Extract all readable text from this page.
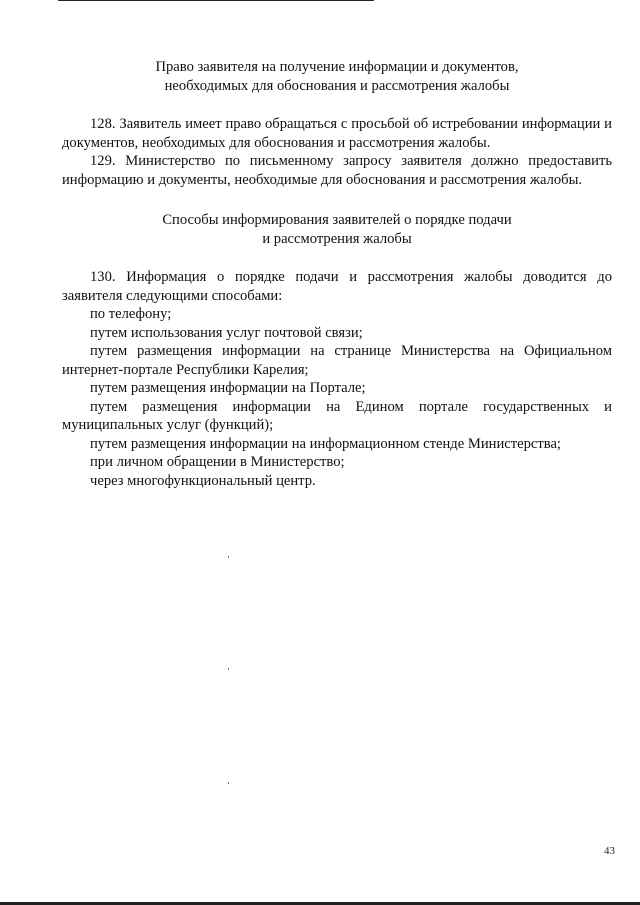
Право заявителя на получение информации и документов,
необходимых для обоснования и рассмотрения жалобы

128. Заявитель имеет право обращаться с просьбой об истребовании информации и документов, необходимых для обоснования и рассмотрения жалобы.

129. Министерство по письменному запросу заявителя должно предоставить информацию и документы, необходимые для обоснования и рассмотрения жалобы.

Способы информирования заявителей о порядке подачи
и рассмотрения жалобы

130. Информация о порядке подачи и рассмотрения жалобы доводится до заявителя следующими способами:

по телефону;

путем использования услуг почтовой связи;

путем размещения информации на странице Министерства на Официальном интернет-портале Республики Карелия;

путем размещения информации на Портале;

путем размещения информации на Едином портале государственных и муниципальных услуг (функций);

путем размещения информации на информационном стенде Министерства;

при личном обращении в Министерство;

через многофункциональный центр.

43
